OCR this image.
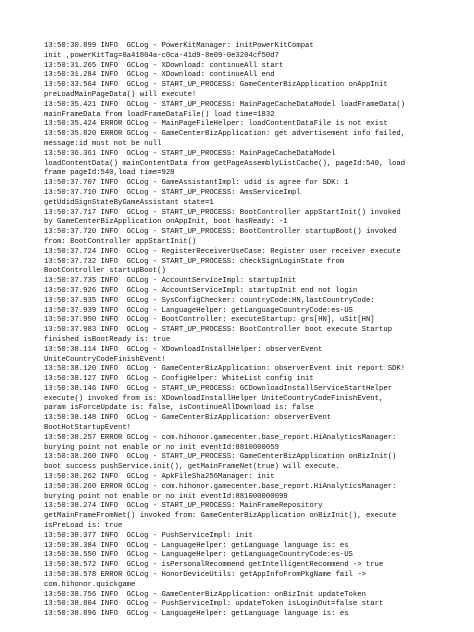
13:50:30.899 INFO  GCLog - PowerKitManager: initPowerKitCompat
init ,powerKitTag=8a41804a-c0ca-41d9-8e09-0e3204cf50d7
13:50:31.265 INFO  GCLog - XDownload: continueAll start
13:50:31.284 INFO  GCLog - XDownload: continueAll end
13:50:33.564 INFO  GCLog - START_UP_PROCESS: GameCenterBizApplication onAppInit
preLoadMainPageData() will execute!
13:50:35.421 INFO  GCLog - START_UP_PROCESS: MainPageCacheDataModel loadFrameData()
mainFrameData from loadFrameDataFile() load time=1832
13:50:35.424 ERROR GCLog - MainPageFileHelper: loadContentDataFile is not exist
13:50:35.820 ERROR GCLog - GameCenterBizApplication: get advertisement info failed,
message:id must not be null
13:50:36.361 INFO  GCLog - START_UP_PROCESS: MainPageCacheDataModel
loadContentData() mainContentData from getPageAssemblyListCache(), pageId:540, load
frame pageId:540,load time=928
13:50:37.707 INFO  GCLog - GameAssistantImpl: udid is agree for SDK: 1
13:50:37.710 INFO  GCLog - START_UP_PROCESS: AmsServiceImpl
getUdidSignStateByGameAssistant state=1
13:50:37.717 INFO  GCLog - START_UP_PROCESS: BootController appStartInit() invoked
by GameCenterBizApplication onAppInit, boot hasReady: -1
13:50:37.720 INFO  GCLog - START_UP_PROCESS: BootController startupBoot() invoked
from: BootController appStartInit()
13:50:37.724 INFO  GCLog - RegisterReceiverUseCase: Register user receiver execute
13:50:37.732 INFO  GCLog - START_UP_PROCESS: checkSignLoginState from
BootController startupBoot()
13:50:37.735 INFO  GCLog - AccountServiceImpl: startupInit
13:50:37.926 INFO  GCLog - AccountServiceImpl: startupInit end not login
13:50:37.935 INFO  GCLog - SysConfigChecker: countryCode:HN,lastCountryCode:
13:50:37.939 INFO  GCLog - LanguageHelper: getLanguageCountryCode:es-US
13:50:37.950 INFO  GCLog - BootController: executeStartup: grs[HN], uSit[HN]
13:50:37.983 INFO  GCLog - START_UP_PROCESS: BootController boot execute Startup
finished isBootReady is: true
13:50:38.114 INFO  GCLog - XDownloadInstallHelper: observerEvent
UniteCountryCodeFinishEvent!
13:50:38.120 INFO  GCLog - GameCenterBizApplication: observerEvent init report SDK!
13:50:38.127 INFO  GCLog - ConfigHelper: WhiteList config init
13:50:38.146 INFO  GCLog - START_UP_PROCESS: GCDownloadInstallServiceStartHelper
execute() invoked from is: XDownloadInstallHelper UniteCountryCodeFinishEvent,
param isForceUpdate is: false, isContinueAllDownload is: false
13:50:38.148 INFO  GCLog - GameCenterBizApplication: observerEvent
BootHotStartupEvent!
13:50:38.257 ERROR GCLog - com.hihonor.gamecenter.base_report.HiAnalyticsManager:
burying point not enable or no init eventId:8810000059
13:50:38.260 INFO  GCLog - START_UP_PROCESS: GameCenterBizApplication onBizInit()
boot success pushService.init(), getMainFrameNet(true) will execute.
13:50:38.262 INFO  GCLog - ApkFileSha256Manager: init
13:50:38.260 ERROR GCLog - com.hihonor.gamecenter.base_report.HiAnalyticsManager:
burying point not enable or no init eventId:881000000099
13:50:38.274 INFO  GCLog - START_UP_PROCESS: MainFrameRepository
getMainFrameFromNet() invoked from: GameCenterBizApplication onBizInit(), execute
isPreLoad is: true
13:50:38.377 INFO  GCLog - PushServiceImpl: init
13:50:38.384 INFO  GCLog - LanguageHelper: getLanguage language is: es
13:50:38.550 INFO  GCLog - LanguageHelper: getLanguageCountryCode:es-US
13:50:38.572 INFO  GCLog - isPersonalRecommend getIntelligentRecommend -> true
13:50:38.578 ERROR GCLog - HonorDeviceUtils: getAppInfoFromPkgName fail ->
com.hihonor.quickgame
13:50:38.756 INFO  GCLog - GameCenterBizApplication: onBizInit updateToken
13:50:38.804 INFO  GCLog - PushServiceImpl: updateToken isLoginOut=false start
13:50:38.896 INFO  GCLog - LanguageHelper: getLanguage language is: es
